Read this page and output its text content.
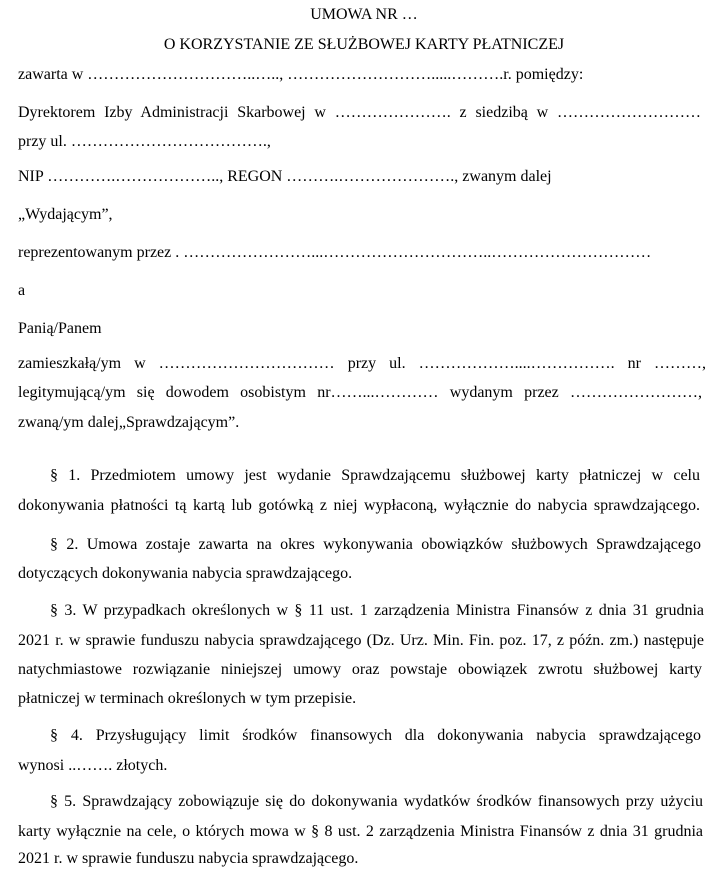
UMOWA NR …
O KORZYSTANIE ZE SŁUŻBOWEJ KARTY PŁATNICZEJ
zawarta w …………………………..….., ……………………….....……….r. pomiędzy:
Dyrektorem Izby Administracji Skarbowej w …………………. z siedzibą w ………………………
przy ul. ……………………………….,
NIP ………….……………….., REGON ……….…………………., zwanym dalej
„Wydającym”,
reprezentowanym przez . ……………………...…………………………..…………………………
a
Panią/Panem
zamieszkałą/ym w …………………………… przy ul. ………………....……………. nr ………,
legitymującą/ym się dowodem osobistym nr……...………… wydanym przez ……………………,
zwaną/ym dalej„Sprawdzającym”.
§ 1. Przedmiotem umowy jest wydanie Sprawdzającemu służbowej karty płatniczej w celu
dokonywania płatności tą kartą lub gotówką z niej wypłaconą, wyłącznie do nabycia sprawdzającego.
§ 2. Umowa zostaje zawarta na okres wykonywania obowiązków służbowych Sprawdzającego
dotyczących dokonywania nabycia sprawdzającego.
§ 3. W przypadkach określonych w § 11 ust. 1 zarządzenia Ministra Finansów z dnia 31 grudnia
2021 r. w sprawie funduszu nabycia sprawdzającego (Dz. Urz. Min. Fin. poz. 17, z późn. zm.) następuje
natychmiastowe rozwiązanie niniejszej umowy oraz powstaje obowiązek zwrotu służbowej karty
płatniczej w terminach określonych w tym przepisie.
§ 4. Przysługujący limit środków finansowych dla dokonywania nabycia sprawdzającego
wynosi ..……. złotych.
§ 5. Sprawdzający zobowiązuje się do dokonywania wydatków środków finansowych przy użyciu
karty wyłącznie na cele, o których mowa w § 8 ust. 2 zarządzenia Ministra Finansów z dnia 31 grudnia
2021 r. w sprawie funduszu nabycia sprawdzającego.
